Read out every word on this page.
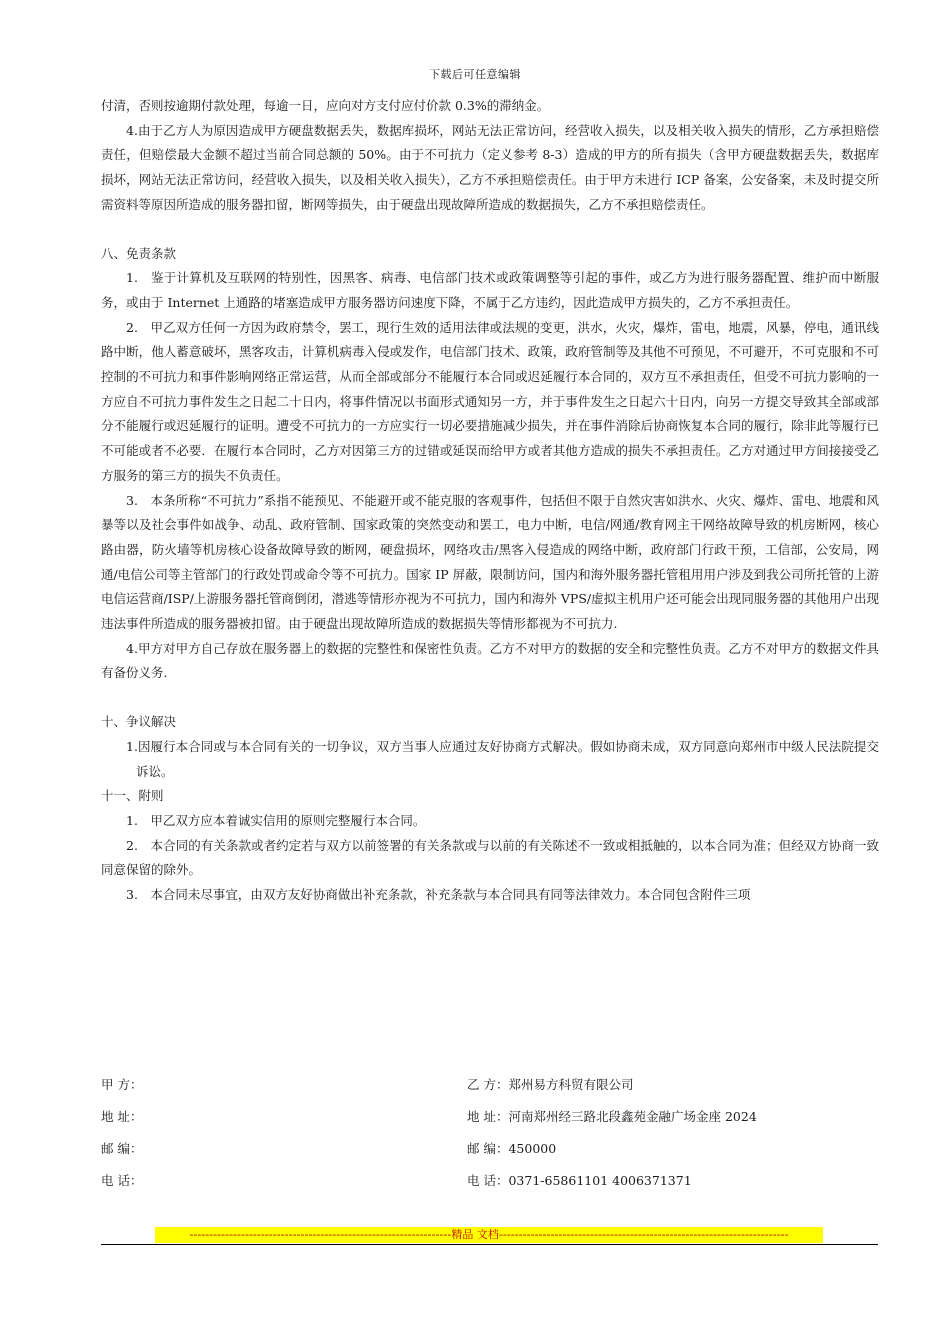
下载后可任意编辑

付清，否则按逾期付款处理，每逾一日，应向对方支付应付价款 0.3%的滞纳金。

4.由于乙方人为原因造成甲方硬盘数据丢失，数据库损坏，网站无法正常访问，经营收入损失，以及相关收入损失的情形，乙方承担赔偿责任，但赔偿最大金额不超过当前合同总额的 50%。由于不可抗力（定义参考 8-3）造成的甲方的所有损失（含甲方硬盘数据丢失，数据库损坏，网站无法正常访问，经营收入损失，以及相关收入损失），乙方不承担赔偿责任。由于甲方未进行 ICP 备案，公安备案，未及时提交所需资料等原因所造成的服务器扣留，断网等损失，由于硬盘出现故障所造成的数据损失，乙方不承担赔偿责任。

八、免责条款

1.　鉴于计算机及互联网的特别性，因黑客、病毒、电信部门技术或政策调整等引起的事件，或乙方为进行服务器配置、维护而中断服务，或由于 Internet 上通路的堵塞造成甲方服务器访问速度下降，不属于乙方违约，因此造成甲方损失的，乙方不承担责任。

2.　甲乙双方任何一方因为政府禁令，罢工，现行生效的适用法律或法规的变更，洪水，火灾，爆炸，雷电，地震，风暴，停电，通讯线路中断，他人蓄意破坏，黑客攻击，计算机病毒入侵或发作，电信部门技术、政策，政府管制等及其他不可预见，不可避开，不可克服和不可控制的不可抗力和事件影响网络正常运营，从而全部或部分不能履行本合同或迟延履行本合同的，双方互不承担责任，但受不可抗力影响的一方应自不可抗力事件发生之日起二十日内，将事件情况以书面形式通知另一方，并于事件发生之日起六十日内，向另一方提交导致其全部或部分不能履行或迟延履行的证明。遭受不可抗力的一方应实行一切必要措施减少损失，并在事件消除后协商恢复本合同的履行，除非此等履行已不可能或者不必要．在履行本合同时，乙方对因第三方的过错或延误而给甲方或者其他方造成的损失不承担责任。乙方对通过甲方间接接受乙方服务的第三方的损失不负责任。

3.　本条所称“不可抗力”系指不能预见、不能避开或不能克服的客观事件，包括但不限于自然灾害如洪水、火灾、爆炸、雷电、地震和风暴等以及社会事件如战争、动乱、政府管制、国家政策的突然变动和罢工，电力中断，电信/网通/教育网主干网络故障导致的机房断网，核心路由器，防火墙等机房核心设备故障导致的断网，硬盘损坏，网络攻击/黑客入侵造成的网络中断，政府部门行政干预，工信部，公安局，网通/电信公司等主管部门的行政处罚或命令等不可抗力。国家 IP 屏蔽，限制访问，国内和海外服务器托管租用用户涉及到我公司所托管的上游电信运营商/ISP/上游服务器托管商倒闭，潜逃等情形亦视为不可抗力，国内和海外 VPS/虚拟主机用户还可能会出现同服务器的其他用户出现违法事件所造成的服务器被扣留。由于硬盘出现故障所造成的数据损失等情形都视为不可抗力.

4.甲方对甲方自己存放在服务器上的数据的完整性和保密性负责。乙方不对甲方的数据的安全和完整性负责。乙方不对甲方的数据文件具有备份义务.

十、争议解决

1.因履行本合同或与本合同有关的一切争议，双方当事人应通过友好协商方式解决。假如协商未成，双方同意向郑州市中级人民法院提交诉讼。

十一、附则

1.　甲乙双方应本着诚实信用的原则完整履行本合同。

2.　本合同的有关条款或者约定若与双方以前签署的有关条款或与以前的有关陈述不一致或相抵触的，以本合同为准；但经双方协商一致同意保留的除外。

3.　本合同未尽事宜，由双方友好协商做出补充条款，补充条款与本合同具有同等法律效力。本合同包含附件三项

甲 方：	乙 方：郑州易方科贸有限公司
地 址：	地 址：河南郑州经三路北段鑫苑金融广场金座 2024
邮 编：	邮 编：450000
电 话：	电 话：0371-65861101 4006371371
------------------------------------------------------------------精品 文档-------------------------------------------------------------------------
